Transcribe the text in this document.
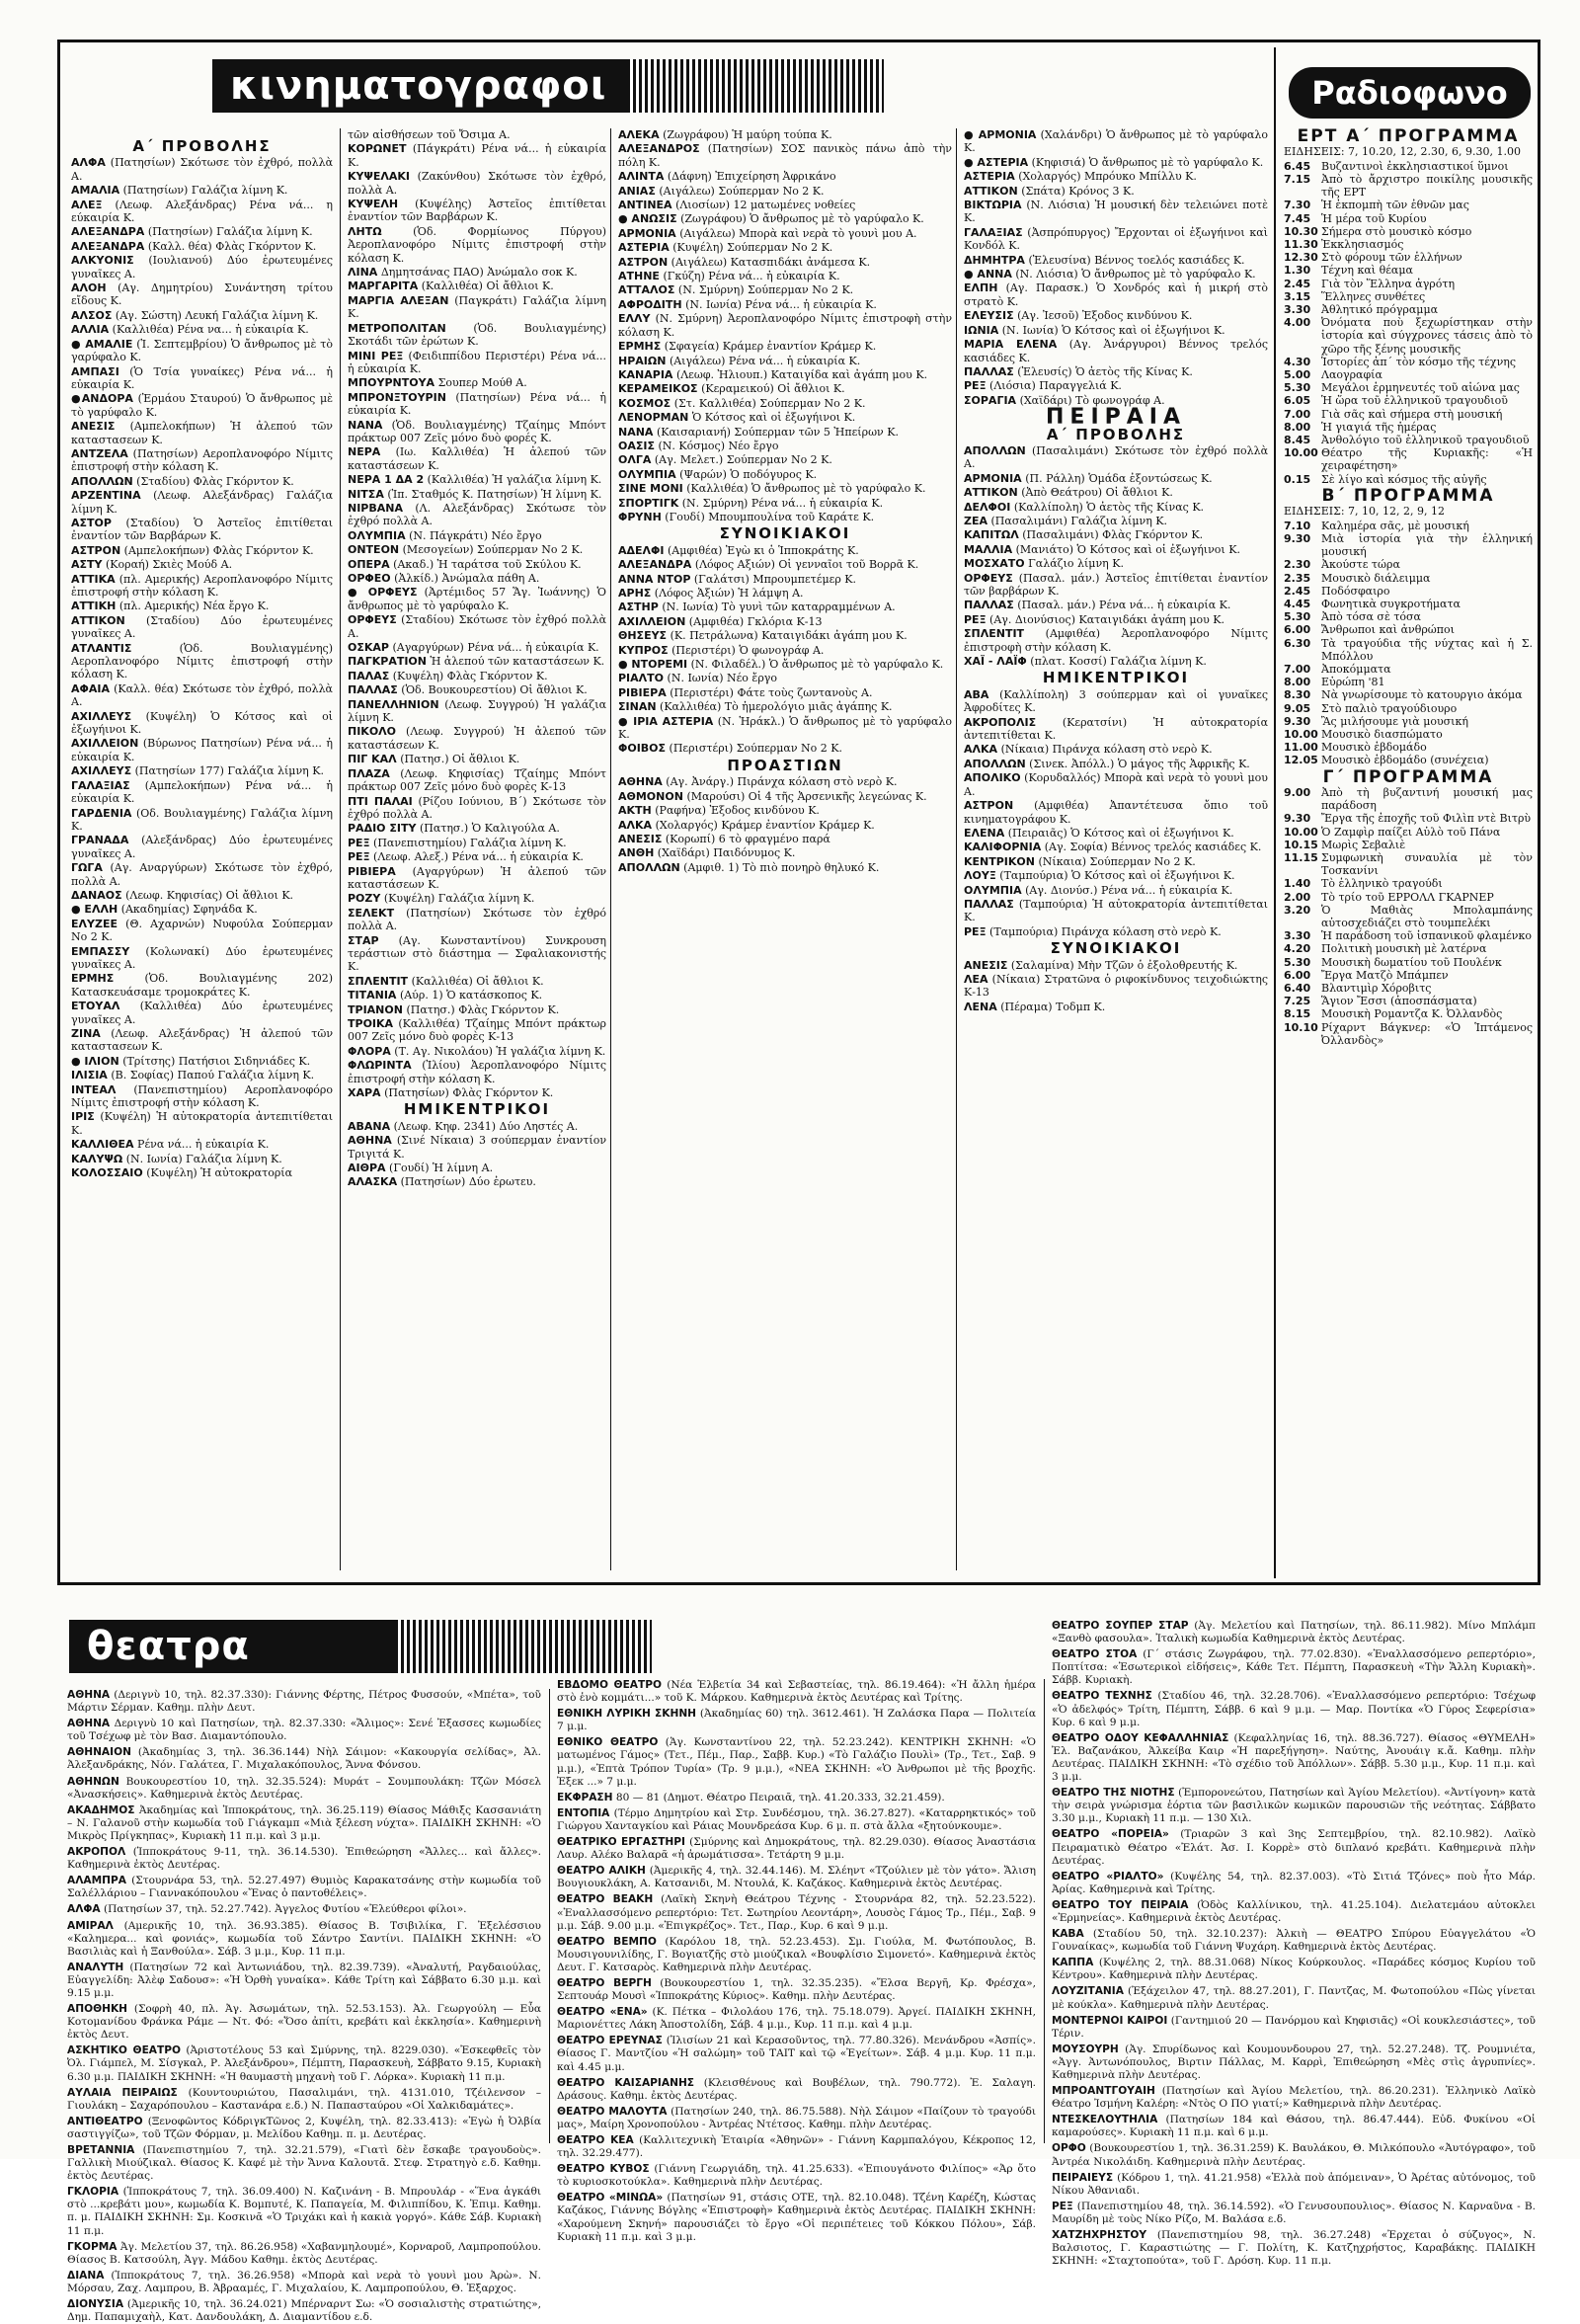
κινηματογραφοι	Ραδιοφωνο
Α΄ ΠΡΟΒΟΛΗΣ

ΑΛΦΑ (Πατησίων) Σκότωσε τὸν ἐχθρό, πολλὰ Α.

ΑΜΑΛΙΑ (Πατησίων) Γαλάζια λίμνη Κ.

ΑΛΕΞ (Λεωφ. Αλεξάνδρας) Ρένα νά... η εύκαιρία Κ.

ΑΛΕΞΑΝΔΡΑ (Πατησίων) Γαλάζια λίμνη Κ.

ΑΛΕΞΑΝΔΡΑ (Καλλ. θέα) Φλὰς Γκόρντον Κ.

ΑΛΚΥΟΝΙΣ (Ιουλιανού) Δύο ἐρωτευμένες γυναῖκες Α.

ΑΛΟΗ (Αγ. Δημητρίου) Συνάντηση τρίτου εἴδους Κ.

ΑΛΣΟΣ (Αγ. Σώστη) Λευκή Γαλάζια λίμνη Κ.

ΑΛΛΙΑ (Καλλιθέα) Ρένα να... ἡ εὐκαιρία Κ.

● ΑΜΑΛΙΕ (Ἱ. Σεπτεμβρίου) Ὁ ἄνθρωπος μὲ τὸ γαρύφαλο Κ.

ΑΜΠΑΣΙ (Ὁ Τσία γυναίκες) Ρένα νά... ἡ εὐκαιρία Κ.

●ΑΝΔΟΡΑ (Ἐρμάου Σταυρού) Ὁ ἄνθρωπος μὲ τὸ γαρύφαλο Κ.

ΑΝΕΣΙΣ (Αμπελοκήπων) Ἡ ἀλεπού τῶν καταστασεων Κ.

ΑΝΤΖΕΛΑ (Πατησίων) Αεροπλανοφόρο Νίμιτς ἐπιστροφή στὴν κόλαση Κ.

ΑΠΟΛΛΩΝ (Σταδίου) Φλὰς Γκόρντον Κ.

ΑΡΖΕΝΤΙΝΑ (Λεωφ. Αλεξάνδρας) Γαλάζια λίμνη Κ.

ΑΣΤΟΡ (Σταδίου) Ὁ Ἀστεῖος ἐπιτίθεται ἐναντίον τῶν Βαρβάρων Κ.

ΑΣΤΡΟΝ (Αμπελοκήπων) Φλὰς Γκόρντον Κ.

ΑΣΤΥ (Κοραή) Σκιὲς Μούδ Α.

ΑΤΤΙΚΑ (πλ. Αμερικής) Αεροπλανοφόρο Νίμιτς ἐπιστροφή στὴν κόλαση Κ.

ΑΤΤΙΚΗ (πλ. Αμερικής) Νέα ἔργο Κ.

ΑΤΤΙΚΟΝ (Σταδίου) Δύο ἐρωτευμένες γυναῖκες Α.

ΑΤΛΑΝΤΙΣ	(Ὁδ. Βουλιαγμένης) Αεροπλανοφόρο Νίμιτς ἐπιστροφή στὴν κόλαση Κ.

ΑΦΑΙΑ (Καλλ. θέα) Σκότωσε τὸν ἐχθρό, πολλὰ Α.

ΑΧΙΛΛΕΥΣ (Κυψέλη) Ὁ Κότσος καὶ οἱ ἐξωγήινοι Κ.

ΑΧΙΛΛΕΙΟΝ (Βύρωνος Πατησίων) Ρένα νά... ἡ εὐκαιρία Κ.

ΑΧΙΛΛΕΥΣ (Πατησίων 177) Γαλάζια λίμνη Κ.

ΓΑΛΑΞΙΑΣ (Αμπελοκήπων) Ρένα νά... ἡ εὐκαιρία Κ.

ΓΑΡΔΕΝΙΑ (Οδ. Βουλιαγμένης) Γαλάζια λίμνη Κ.

ΓΡΑΝΑΔΑ (Αλεξάνδρας) Δύο ἐρωτευμένες γυναῖκες Α.

ΓΩΓΑ (Αγ. Αναργύρων) Σκότωσε τὸν ἐχθρό, πολλὰ Α.

ΔΑΝΑΟΣ (Λεωφ. Κηφισίας) Οἱ ἄθλιοι Κ.

● ΕΛΛΗ (Ακαδημίας) Σφηνάδα Κ.

ΕΛΥΖΕΕ (Θ. Αχαρνών) Νυφούλα Σούπερμαν Νο 2 Κ.

ΕΜΠΑΣΣΥ (Κολωνακί) Δύο ἐρωτευμένες γυναῖκες Α.

ΕΡΜΗΣ	(Ὁδ. Βουλιαγμένης 202) Κατασκευάσαμε τρομοκράτες Κ.

ΕΤΟΥΑΛ (Καλλιθέα) Δύο ἐρωτευμένες γυναῖκες Α.

ΖΙΝΑ (Λεωφ. Αλεξάνδρας) Ἡ ἀλεπού τῶν καταστασεων Κ.

● ΙΛΙΟΝ (Τρίτσης) Πατήσιοι Σιδηνιάδες Κ.

ΙΛΙΣΙΑ (Β. Σοφίας) Παπού Γαλάζια λίμνη Κ.

ΙΝΤΕΑΛ (Πανεπιστημίου) Αεροπλανοφόρο Νίμιτς ἐπιστροφή στὴν κόλαση Κ.

ΙΡΙΣ (Κυψέλη) Ἡ αὐτοκρατορία ἀντεπιτίθεται Κ.

ΚΑΛΛΙΘΕΑ Ρένα νά... ἡ εὐκαιρία Κ.

ΚΑΛΥΨΩ (Ν. Ιωνία) Γαλάζια λίμνη Κ.

ΚΟΛΟΣΣΑΙΟ (Κυψέλη) Ἡ αὐτοκρατορία

τῶν αἰσθήσεων τοῦ Ὄσιμα Α.

ΚΟΡΩΝΕΤ (Πάγκράτι) Ρένα νά... ἡ εὐκαιρία Κ.

ΚΥΨΕΛΑΚΙ (Ζακύνθου) Σκότωσε τὸν ἐχθρό, πολλὰ Α.

ΚΥΨΕΛΗ (Κυψέλης) Ἀστεῖος ἐπιτίθεται ἐναντίον τῶν Βαρβάρων Κ.

ΛΗΤΩ	(Ὁδ. Φορμίωνος Πύργου) Ἀεροπλανοφόρο Νίμιτς ἐπιστροφή στὴν κόλαση Κ.

ΛΙΝΑ Δημητσάνας ΠΑΟ) Ἀνώμαλο σοκ Κ.

ΜΑΡΓΑΡΙΤΑ (Καλλιθέα) Οἱ ἄθλιοι Κ.

ΜΑΡΓΙΑ ΑΛΕΞΑΝ (Παγκράτι) Γαλάζια λίμνη Κ.

ΜΕΤΡΟΠΟΛΙΤΑΝ	(Ὁδ. Βουλιαγμένης) Σκοτάδι τῶν ἐρώτων Κ.

ΜΙΝΙ ΡΕΞ (Φειδιππίδου Περιστέρι) Ρένα νά... ἡ εὐκαιρία Κ.

ΜΠΟΥΡΝΤΟΥΑ Σουπερ Μούθ Α.

ΜΠΡΟΝΞΤΟΥΡΙΝ (Πατησίων) Ρένα νά... ἡ εὐκαιρία Κ.

ΝΑΝΑ (Ὁδ. Βουλιαγμένης) Τζαίημς Μπόντ πράκτωρ 007 Ζεῖς μόνο δυὸ φορές Κ.

ΝΕΡΑ (Ιω. Καλλιθέα) Ἡ ἀλεπού τῶν καταστάσεων Κ.

ΝΕΡΑ 1 ΔΑ 2 (Καλλιθέα) Ἡ γαλάζια λίμνη Κ.

ΝΙΤΣΑ (Ἱπ. Σταθμός Κ. Πατησίων) Ἡ λίμνη Κ.

ΝΙΡΒΑΝΑ (Λ. Αλεξάνδρας) Σκότωσε τὸν ἐχθρό πολλὰ Α.

ΟΛΥΜΠΙΑ (Ν. Πάγκράτι) Νέο ἔργο

ΟΝΤΕΟΝ (Μεσογείων) Σούπερμαν Νο 2 Κ.

ΟΠΕΡΑ (Ακαδ.) Ἡ ταράτσα τοῦ Σκύλου Κ.

ΟΡΦΕΟ (Ἀλκίδ.) Ἀνώμαλα πάθη Α.

● ΟΡΦΕΥΣ (Ἀρτέμιδος 57 Ἅγ. Ἰωάννης) Ὁ ἄνθρωπος μὲ τὸ γαρύφαλο Κ.

ΟΡΦΕΥΣ (Σταδίου) Σκότωσε τὸν ἐχθρό πολλὰ Α.

ΟΣΚΑΡ (Αγαργύρων) Ρένα νά... ἡ εὐκαιρία Κ.

ΠΑΓΚΡΑΤΙΟΝ Ἡ ἀλεπού τῶν καταστάσεων Κ.

ΠΑΛΑΣ (Κυψέλη) Φλὰς Γκόρντον Κ.

ΠΑΛΛΑΣ (Ὁδ. Βουκουρεστίου) Οἱ ἄθλιοι Κ.

ΠΑΝΕΛΛΗΝΙΟΝ (Λεωφ. Συγγρού) Ἡ γαλάζια λίμνη Κ.

ΠΙΚΟΛΟ (Λεωφ. Συγγρού) Ἡ ἀλεπού τῶν καταστάσεων Κ.

ΠΙΓ ΚΑΛ (Πατησ.) Οἱ ἄθλιοι Κ.

ΠΛΑΖΑ (Λεωφ. Κηφισίας) Τζαίημς Μπόντ πράκτωρ 007 Ζεῖς μόνο δυὸ φορὲς Κ-13

ΠΤΙ ΠΑΛΑΙ (Ρίζου Ιούνιου, Β΄) Σκότωσε τὸν ἐχθρό πολλὰ Α.

ΡΑΔΙΟ ΣΙΤΥ (Πατησ.) Ὁ Καλιγούλα Α.

ΡΕΞ (Πανεπιστημίου) Γαλάζια λίμνη Κ.

ΡΕΞ (Λεωφ. Αλεξ.) Ρένα νά... ἡ εὐκαιρία Κ.

ΡΙΒΙΕΡΑ (Αγαργύρων) Ἡ ἀλεπού τῶν καταστάσεων Κ.

ΡΟΖΥ (Κυψέλη) Γαλάζια λίμνη Κ.

ΣΕΛΕΚΤ (Πατησίων) Σκότωσε τὸν ἐχθρό πολλὰ Α.

ΣΤΑΡ (Αγ. Κωνσταντίνου) Συνκρουση τεράστιων στὸ διάστημα — Σφαλιακονιστής Κ.

ΣΠΛΕΝΤΙΤ (Καλλιθέα) Οἱ ἄθλιοι Κ.

ΤΙΤΑΝΙΑ (Αύρ. 1) Ὁ κατάσκοπος Κ.

ΤΡΙΑΝΟΝ (Πατησ.) Φλὰς Γκόρντον Κ.

ΤΡΟΙΚΑ (Καλλιθέα) Τζαίημς Μπόντ πράκτωρ 007 Ζεῖς μόνο δυὸ φορὲς Κ-13

ΦΛΟΡΑ (Τ. Αγ. Νικολάου) Ἡ γαλάζια λίμνη Κ.

ΦΛΩΡΙΝΤΑ (Ἰλίου) Ἀεροπλανοφόρο Νίμιτς ἐπιστροφή στὴν κόλαση Κ.

ΧΑΡΑ (Πατησίων) Φλὰς Γκόρντον Κ.

ΗΜΙΚΕΝΤΡΙΚΟΙ

ΑΒΑΝΑ (Λεωφ. Κηφ. 2341) Δύο Ληστές Α.

ΑΘΗΝΑ (Σινέ Νίκαια) 3 σούπερμαν ἐναντίον Τριγιτά Κ.

ΑΙΘΡΑ (Γουδί) Ἡ λίμνη Α.

ΑΛΑΣΚΑ (Πατησίων) Δύο ἐρωτευ.

ΑΛΕΚΑ (Ζωγράφου) Ἡ μαύρη τούπα Κ.

ΑΛΕΞΑΝΔΡΟΣ (Πατησίων) ΣΟΣ πανικὸς πάνω ἀπὸ τὴν πόλη Κ.

ΑΛΙΝΤΑ (Δάφνη) Ἐπιχείρηση Ἀφρικάνο

ΑΝΙΑΣ (Αιγάλεω) Σούπερμαν Νο 2 Κ.

ΑΝΤΙΝΕΑ (Λιοσίων) 12 ματωμένες νοθείες

● ΑΝΩΣΙΣ (Ζωγράφου) Ὁ ἄνθρωπος μὲ τὸ γαρύφαλο Κ.

ΑΡΜΟΝΙΑ (Αιγάλεω) Μπορὰ καὶ νερὰ τὸ γουνὶ μου Α.

ΑΣΤΕΡΙΑ (Κυψέλη) Σούπερμαν Νο 2 Κ.

ΑΣΤΡΟΝ (Αιγάλεω) Κατασπιδάκι ἀνάμεσα Κ.

ΑΤΗΝΕ (Γκύζη) Ρένα νά... ἡ εὐκαιρία Κ.

ΑΤΤΑΛΟΣ (Ν. Σμύρνη) Σούπερμαν Νο 2 Κ.

ΑΦΡΟΔΙΤΗ (Ν. Ιωνία) Ρένα νά... ἡ εὐκαιρία Κ.

ΕΛΛΥ (Ν. Σμύρνη) Ἀεροπλανοφόρο Νίμιτς ἐπιστροφὴ στὴν κόλαση Κ.

ΕΡΜΗΣ (Σφαγεία) Κράμερ ἐναντίον Κράμερ Κ.

ΗΡΑΙΩΝ (Αιγάλεω) Ρένα νά... ἡ εὐκαιρία Κ.

ΚΑΝΑΡΙΑ (Λεωφ. Ἠλιουπ.) Καταιγίδα καὶ ἀγάπη μου Κ.

ΚΕΡΑΜΕΙΚΟΣ (Κεραμεικού) Οἱ ἄθλιοι Κ.

ΚΟΣΜΟΣ (Στ. Καλλιθέα) Σούπερμαν Νο 2 Κ.

ΛΕΝΟΡΜΑΝ Ὁ Κότσος καὶ οἱ ἐξωγήινοι Κ.

ΝΑΝΑ (Καισαριανή) Σούπερμαν τῶν 5 Ἠπείρων Κ.

ΟΑΣΙΣ (Ν. Κόσμος) Νέο ἔργο

ΟΛΓΑ (Αγ. Μελετ.) Σούπερμαν Νο 2 Κ.

ΟΛΥΜΠΙΑ (Ψαρών) Ὁ ποδόγυρος Κ.

ΣΙΝΕ ΜΟΝΙ (Καλλιθέα) Ὁ ἄνθρωπος μὲ τὸ γαρύφαλο Κ.

ΣΠΟΡΤΙΓΚ (Ν. Σμύρνη) Ρένα νά... ἡ εὐκαιρία Κ.

ΦΡΥΝΗ (Γουδί) Μπουμπουλίνα τοῦ Καράτε Κ.

ΣΥΝΟΙΚΙΑΚΟΙ

ΑΔΕΛΦΙ (Αμφιθέα) Ἐγὼ κι ὁ Ἱπποκράτης Κ.

ΑΛΕΞΑΝΔΡΑ (Λόφος Αξιών) Οἱ γενναῖοι τοῦ Βορρᾶ Κ.

ΑΝΝΑ ΝΤΟΡ (Γαλάτσι) Μπρουμπετέμερ Κ.

ΑΡΗΣ (Λόφος Ἀξιών) Ἡ λάμψη Α.

ΑΣΤΗΡ (Ν. Ιωνία) Τὸ γυνὶ τῶν καταρραμμένων Α.

ΑΧΙΛΛΕΙΟΝ (Αμφιθέα) Γκλόρια Κ-13

ΘΗΣΕΥΣ (Κ. Πετράλωνα) Καταιγιδάκι ἀγάπη μου Κ.

ΚΥΠΡΟΣ (Περιστέρι) Ὁ φωνογράφ Α.

● ΝΤΟΡΕΜΙ (Ν. Φιλαδέλ.) Ὁ ἄνθρωπος μὲ τὸ γαρύφαλο Κ.

ΡΙΑΛΤΟ (Ν. Ιωνία) Νέο ἔργο

ΡΙΒΙΕΡΑ (Περιστέρι) Φάτε τοὺς ζωντανοὺς Α.

ΣΙΝΑΝ (Καλλιθέα) Τὸ ἡμερολόγιο μιᾶς ἀγάπης Κ.

● ΙΡΙΑ ΑΣΤΕΡΙΑ (Ν. Ἡράκλ.) Ὁ ἄνθρωπος μὲ τὸ γαρύφαλο Κ.

ΦΟΙΒΟΣ (Περιστέρι) Σούπερμαν Νο 2 Κ.

ΠΡΟΑΣΤΙΩΝ

ΑΘΗΝΑ (Αγ. Ἀνάργ.) Πιράνχα κόλαση στὸ νερὸ Κ.

ΑΘΜΟΝΟΝ (Μαρούσι) Οἱ 4 τῆς Ἀρσενικῆς λεγεώνας Κ.

ΑΚΤΗ (Ραφήνα) Ἐξοδος κινδύνου Κ.

ΑΛΚΑ (Χολαργός) Κράμερ ἐναντίον Κράμερ Κ.

ΑΝΕΣΙΣ (Κορωπί) 6 τὸ φραγμένο παρά

ΑΝΘΗ (Χαϊδάρι) Παιδόνυμος Κ.

ΑΠΟΛΛΩΝ (Αμφιθ. 1) Τὸ πιὸ πονηρὸ θηλυκό Κ.

● ΑΡΜΟΝΙΑ (Χαλάνδρι) Ὁ ἄνθρωπος μὲ τὸ γαρύφαλο Κ.

● ΑΣΤΕΡΙΑ (Κηφισιά) Ὁ ἄνθρωπος μὲ τὸ γαρύφαλο Κ.

ΑΣΤΕΡΙΑ (Χολαργός) Μπρόυκο Μπίλλυ Κ.

ΑΤΤΙΚΟΝ (Σπάτα) Κρόνος 3 Κ.

ΒΙΚΤΩΡΙΑ (Ν. Λιόσια) Ἡ μουσική δὲν τελειώνει ποτὲ Κ.

ΓΑΛΑΞΙΑΣ (Ἀσπρόπυργος) Ἔρχονται οἱ ἐξωγήινοι καὶ Κονδόλ Κ.

ΔΗΜΗΤΡΑ (Ἐλευσίνα) Βέννος τοελός κασιάδες Κ.

● ΑΝΝΑ (Ν. Λιόσια) Ὁ ἄνθρωπος μὲ τὸ γαρύφαλο Κ.

ΕΛΠΗ (Αγ. Παρασκ.) Ὁ Χονδρός καὶ ἡ μικρή στὸ στρατὸ Κ.

ΕΛΕΥΣΙΣ (Αγ. Ἰεσοῦ) Ἐξοδος κινδύνου Κ.

ΙΩΝΙΑ (Ν. Ιωνία) Ὁ Κότσος καὶ οἱ ἐξωγήινοι Κ.

ΜΑΡΙΑ ΕΛΕΝΑ (Αγ. Ἀνάργυροι) Βέννος τρελός κασιάδες Κ.

ΠΑΛΛΑΣ (Ἐλευσίς) Ὁ ἀετὸς τῆς Κίνας Κ.

ΡΕΞ (Λιόσια) Παραγγελιά Κ.

ΣΟΡΑΓΙΑ (Χαϊδάρι) Τὸ φωνογράφ Α.

ΠΕΙΡΑΙΑ
Α΄ ΠΡΟΒΟΛΗΣ

ΑΠΟΛΛΩΝ (Πασαλιμάνι) Σκότωσε τὸν ἐχθρό πολλὰ Α.

ΑΡΜΟΝΙΑ (Π. Ράλλη) Ὁμάδα ἐξοντώσεως Κ.

ΑΤΤΙΚΟΝ (Ἀπὸ Θεάτρου) Οἱ ἄθλιοι Κ.

ΔΕΛΦΟΙ (Καλλίπολη) Ὁ ἀετὸς τῆς Κίνας Κ.

ΖΕΑ (Πασαλιμάνι) Γαλάζια λίμνη Κ.

ΚΑΠΙΤΩΛ (Πασαλιμάνι) Φλὰς Γκόρντον Κ.

ΜΑΛΛΙΑ (Μανιάτο) Ὁ Κότσος καὶ οἱ ἐξωγήινοι Κ.

ΜΟΣΧΑΤΟ Γαλάζιο λίμνη Κ.

ΟΡΦΕΥΣ (Πασαλ. μάν.) Ἀστεῖος ἐπιτίθεται ἐναντίον τῶν βαρβάρων Κ.

ΠΑΛΛΑΣ (Πασαλ. μάν.) Ρένα νά... ἡ εὐκαιρία Κ.

ΡΕΞ (Αγ. Διονύσιος) Καταιγιδάκι ἀγάπη μου Κ.

ΣΠΛΕΝΤΙΤ (Αμφιθέα) Ἀεροπλανοφόρο Νίμιτς ἐπιστροφὴ στὴν κόλαση Κ.

ΧΑΪ - ΛΑΪΦ (πλατ. Κοσσί) Γαλάζια λίμνη Κ.

ΗΜΙΚΕΝΤΡΙΚΟΙ

ΑΒΑ (Καλλίπολη) 3 σούπερμαν καὶ οἱ γυναῖκες Ἀφροδίτες Κ.

ΑΚΡΟΠΟΛΙΣ (Κερατσίνι) Ἡ αὐτοκρατορία ἀντεπιτίθεται Κ.

ΑΛΚΑ (Νίκαια) Πιράνχα κόλαση στὸ νερὸ Κ.

ΑΠΟΛΛΩΝ (Σινεκ. Ἀπόλλ.) Ὁ μάγος τῆς Ἀφρικῆς Κ.

ΑΠΟΛΙΚΟ (Κορυδαλλός) Μπορὰ καὶ νερὰ τὸ γουνὶ μου Α.

ΑΣΤΡΟΝ (Αμφιθέα) Ἀπαντέτευσα ὄπιο τοῦ κινηματογράφου Κ.

ΕΛΕΝΑ (Πειραιᾶς) Ὁ Κότσος καὶ οἱ ἐξωγήινοι Κ.

ΚΑΛΙΦΟΡΝΙΑ (Αγ. Σοφία) Βέννος τρελός κασιάδες Κ.

ΚΕΝΤΡΙΚΟΝ (Νίκαια) Σούπερμαν Νο 2 Κ.

ΛΟΥΞ (Ταμπούρια) Ὁ Κότσος καὶ οἱ ἐξωγήινοι Κ.

ΟΛΥΜΠΙΑ (Αγ. Διονύσ.) Ρένα νά... ἡ εὐκαιρία Κ.

ΠΑΛΛΑΣ (Ταμπούρια) Ἡ αὐτοκρατορία ἀντεπιτίθεται Κ.

ΡΕΞ (Ταμπούρια) Πιράνχα κόλαση στὸ νερὸ Κ.

ΣΥΝΟΙΚΙΑΚΟΙ

ΑΝΕΣΙΣ (Σαλαμίνα) Μὴν Τζῶν ὁ ἐξολοθρευτής Κ.

ΛΕΑ (Νίκαια) Στρατῶνα ὁ ριφοκίνδυνος τειχοδιώκτης Κ-13

ΛΕΝΑ (Πέραμα) Τοδμπ Κ.

ΕΡΤ Α΄ ΠΡΟΓΡΑΜΜΑ

ΕΙΔΗΣΕΙΣ: 7, 10.20, 12, 2.30, 6, 9.30, 1.00

6.45 Βυζαντινοὶ ἐκκλησιαστικοί ὕμνοι
7.15 Ἀπὸ τὸ ἄρχιστρο ποικίλης μουσικῆς τῆς ΕΡΤ
7.30 Ἡ ἐκπομπὴ τῶν ἐθνῶν μας
7.45 Ἡ μέρα τοῦ Κυρίου
10.30 Σήμερα στὸ μουσικὸ κόσμο
11.30 Ἐκκλησιασμός
12.30 Στὸ φόρουμ τῶν ἑλλήνων
1.30 Τέχνη καὶ θέαμα
2.45 Γιὰ τὸν Ἕλληνα ἀγρότη
3.15 Ἕλληνες συνθέτες
3.30 Ἀθλητικό πρόγραμμα
4.00 Ὀνόματα ποὺ ξεχωρίστηκαν στὴν ἱστορία καὶ σύγχρονες τάσεις ἀπὸ τὸ χῶρο τῆς ξένης μουσικῆς
4.30 Ἱστορίες ἀπ΄ τὸν κόσμο τῆς τέχνης
5.00 Λαογραφία
5.30 Μεγάλοι ἑρμηνευτές τοῦ αἰώνα μας
6.05 Ἡ ὥρα τοῦ ἑλληνικοῦ τραγουδιοῦ
7.00 Γιὰ σᾶς καὶ σήμερα στὴ μουσική
8.00 Ἡ γιαγιά τῆς ἡμέρας
8.45 Ἀνθολόγιο τοῦ ἑλληνικοῦ τραγουδιοῦ
10.00 Θέατρο τῆς Κυριακῆς: «Ἡ χειραφέτηση»
0.15 Σὲ λίγο καὶ κόσμος τῆς αὐγῆς
Β΄ ΠΡΟΓΡΑΜΜΑ

ΕΙΔΗΣΕΙΣ: 7, 10, 12, 2, 9, 12

7.10 Καλημέρα σᾶς, μὲ μουσική
9.30 Μιὰ ἱστορία γιὰ τὴν ἑλληνική μουσική
2.30 Ἀκούστε τώρα
2.35 Μουσικὸ διάλειμμα
2.45 Ποδόσφαιρο
4.45 Φωνητικὰ συγκροτήματα
5.30 Ἀπὸ τόσα σὲ τόσα
6.00 Ἄνθρωποι καὶ ἀνθρώποι
6.30 Τὰ τραγούδια τῆς νύχτας καὶ ἡ Σ. Μπόλλου
7.00 Ἀποκόμματα
8.00 Εὐρώπη '81
8.30 Νὰ γνωρίσουμε τὸ κατουργιο ἀκόμα
9.05 Στὸ παλιὸ τραγούδιουρο
9.30 Ἂς μιλήσουμε γιὰ μουσική
10.00 Μουσικὸ διασπώματο
11.00 Μουσικὸ ἑβδομάδο
12.05 Μουσικὸ ἑβδομάδο (συνέχεια)
Γ΄ ΠΡΟΓΡΑΜΜΑ
9.00 Ἀπὸ τὴ βυζαντινή μουσική μας παράδοση
9.30 Ἔργα τῆς ἐποχῆς τοῦ Φιλὶπ ντὲ Βιτρὺ
10.00 Ὁ Ζαμφὶρ παίζει Αὐλὸ τοῦ Πάνα
10.15 Μωρὶς Σεβαλιὲ
11.15 Συμφωνικὴ συναυλία μὲ τὸν Τοσκανίνι
1.40 Τὸ ἑλληνικὸ τραγούδι
2.00 Τὸ τρίο τοῦ ΕΡΡΟΛΛ ΓΚΑΡΝΕΡ
3.20 Ὁ Μαθιὰς Μπολαμπάνης αὐτοσχεδιάζει στὸ τουμπελέκι
3.30 Ἡ παράδοση τοῦ ἰσπανικοῦ φλαμένκο
4.20 Πολιτικὴ μουσικὴ μὲ λατέρνα
5.30 Μουσικὴ δωματίου τοῦ Πουλένκ
6.00 Ἔργα Ματζὸ Μπάμπεν
6.40 Βλαντιμὶρ Χόροβιτς
7.25 Ἅγιον Ἔσσι (ἀποσπάσματα)
8.15 Μουσικὴ Ρομαντζα Κ. Ὀλλανδὸς
10.10 Ρίχαρντ Βάγκνερ: «Ὁ Ἱπτάμενος Ὀλλανδὸς»
θεατρα

ΑΘΗΝΑ (Δεριγνὺ 10, τηλ. 82.37.330): Γιάννης Φέρτης, Πέτρος Φυσσούν, «Μπέτα», τοῦ Μάρτιν Σέρμαν. Καθημ. πλὴν Δευτ.

ΑΘΗΝΑ Δεριγνὺ 10 καὶ Πατησίων, τηλ. 82.37.330: «Ἄλιμος»: Σενέ Ἐξασσες κωμωδίες τοῦ Τσέχωφ μὲ τὸν Βασ. Διαμαντόπουλο.

ΑΘΗΝΑΙΟΝ (Ἀκαδημίας 3, τηλ. 36.36.144) Νὴλ Σάιμον: «Κακουργία σελίδας», Ἀλ. Ἀλεξανδράκης, Νόν. Γαλάτεα, Γ. Μιχαλακόπουλος, Ἄννα Φόνσου.

ΑΘΗΝΩΝ Βουκουρεστίου 10, τηλ. 32.35.524): Μυράτ – Σουμπουλάκη: Τζῶν Μόσελ «Ἀνασκήσεις». Καθημερινὰ ἐκτὸς Δευτέρας.

ΑΚΑΔΗΜΟΣ Ἀκαδημίας καὶ Ἱπποκράτους, τηλ. 36.25.119) Θίασος Μάθιξς Κασσανιάτη – Ν. Γαλανοῦ στὴν κωμωδία τοῦ Γιάγκαμπ «Μιὰ ξέλεση νύχτα». ΠΑΙΔΙΚΗ ΣΚΗΝΗ: «Ὁ Μικρὸς Πρίγκηπας», Κυριακὴ 11 π.μ. καὶ 3 μ.μ.

ΑΚΡΟΠΟΛ (Ἱπποκράτους 9-11, τηλ. 36.14.530). Ἐπιθεώρηση «Ἄλλες... καὶ ἄλλες». Καθημερινὰ ἐκτὸς Δευτέρας.

ΑΛΑΜΠΡΑ (Στουρνάρα 53, τηλ. 52.27.497) Θυμιὸς Καρακατσάνης στὴν κωμωδία τοῦ Σαλέλλάριου – Γιαννακόπουλου «Ἔνας ὁ παντοθέλεις».

ΑΛΦΑ (Πατησίων 37, τηλ. 52.27.742). Ἀγγελος Φυτίου «Ἐλεύθεροι φίλοι».

ΑΜΙΡΑΛ (Αμερικῆς 10, τηλ. 36.93.385). Θίασος Β. Τσιβιλίκα, Γ. Ἐξελέσσιου «Καλημερα... καὶ φονιάς», κωμωδία τοῦ Σάντρο Σαντίνι. ΠΑΙΔΙΚΗ ΣΚΗΝΗ: «Ὁ Βασιλιὰς καὶ ἡ Ξανθούλα». Σάβ. 3 μ.μ., Κυρ. 11 π.μ.

ΑΝΑΛΥΤΗ (Πατησίων 72 καὶ Ἀντωνιάδου, τηλ. 82.39.739). «Ἀναλυτή, Ραγδαιούλας, Εὐαγγελίδη: Ἀλὲφ Σαδουσ»: «Ἡ Ὀρθὴ γυναίκα». Κάθε Τρίτη καὶ Σάββατο 6.30 μ.μ. καὶ 9.15 μ.μ.

ΑΠΟΘΗΚΗ (Σοφρὴ 40, πλ. Ἀγ. Ἀσωμάτων, τηλ. 52.53.153). Ἀλ. Γεωργούλη — Εὖα Κοτομανίδου Φράνκα Ράμε — Ντ. Φό: «Ὅσο ἀπίτι, κρεβάτι καὶ ἐκκλησία». Καθημερινὴ ἐκτὸς Δευτ.

ΑΣΚΗΤΙΚΟ ΘΕΑΤΡΟ (Ἀριστοτέλους 53 καὶ Σμύρνης, τηλ. 8229.030). «Ἐσκεφθεῖς τὸν Ὀλ. Γιάμπελ, Μ. Σίσγκαλ, Ρ. Ἀλεξάνδρου», Πέμπτη, Παρασκευὴ, Σάββατο 9.15, Κυριακὴ 6.30 μ.μ. ΠΑΙΔΙΚΗ ΣΚΗΝΗ: «Ἡ θαυμαστὴ μηχανὴ τοῦ Γ. Λόρκα». Κυριακὴ 11 π.μ.

ΑΥΛΑΙΑ ΠΕΙΡΑΙΩΣ (Κουντουριώτου, Πασαλιμάνι, τηλ. 4131.010, Τζέιλενσον – Γιουλάκη – Σαχαρόπουλου – Καστανάρα ε.δ.) Ν. Παπασταύρου «Οἱ Χαλκιδαμάτες».

ΑΝΤΙΘΕΑΤΡΟ (Ξενοφῶντος ΚόδριγκΤῶνος 2, Κυψέλη, τηλ. 82.33.413): «Ἐγὼ ἡ Ὀλβία σαστιγγίζω», τοῦ Τζῶν Φόρμαν, μ. Μελίδου Καθημ. π. μ. Δευτέρας.

ΒΡΕΤΑΝΝΙΑ (Πανεπιστημίου 7, τηλ. 32.21.579), «Γιατὶ δὲν ἔσκαβε τραγουδοὺς». Γαλλικὴ Μιούζικαλ. Θίασος Κ. Καφέ μὲ τὴν Ἄννα Καλουτᾶ. Στεφ. Στρατηγὸ ε.δ. Καθημ. ἐκτὸς Δευτέρας.

ΓΚΛΟΡΙΑ (Ἱπποκράτους 7, τηλ. 36.09.400) Ν. Καζινάνη - Β. Μπρουλάρ - «Ἕνα ἀγκάθι στὸ ...κρεβάτι μου», κωμωδία Κ. Βομπυτέ, Κ. Παπαγεία, Μ. Φιλιππίδου, Κ. Ἐπιμ. Καθημ. π. μ. ΠΑΙΔΙΚΗ ΣΚΗΝΗ: Σμ. Κοσκινᾶ «Ὁ Τριχάκι καὶ ἡ κακιὰ γοργό». Κάθε Σάβ. Κυριακὴ 11 π.μ.

ΓΚΟΡΜΑ Ἀγ. Μελετίου 37, τηλ. 86.26.958) «Χαβανμηλουμέ», Κορναροῦ, Λαμπροπούλου. Θίασος Β. Κατσούλη, Ἀγγ. Μάδου Καθημ. ἐκτὸς Δευτέρας.

ΔΙΑΝΑ (Ἱπποκράτους 7, τηλ. 36.26.958) «Μπορὰ καὶ νερὰ τὸ γουνὶ μου Ἀρὼ». Ν. Μόρσαυ, Ζαχ. Λαμπρου, Β. Ἀβρααμές, Γ. Μιχαλαίου, Κ. Λαμπροπούλου, Θ. Ἐξαρχος.

ΔΙΟΝΥΣΙΑ (Ἀμερικῆς 10, τηλ. 36.24.021) Μπέρναρντ Σω: «Ὁ σοσιαλιστὴς στρατιώτης», Δημ. Παπαμιχαὴλ, Κατ. Δανδουλάκη, Δ. Διαμαντίδου ε.δ.

ΕΒΔΟΜΟ ΘΕΑΤΡΟ (Νέα Ἑλβετία 34 καὶ Σεβαστείας, τηλ. 86.19.464): «Ἡ ἄλλη ἡμέρα στὸ ἑνὸ κομμάτι...» τοῦ Κ. Μάρκου. Καθημερινὰ ἐκτὸς Δευτέρας καὶ Τρίτης.

ΕΘΝΙΚΗ ΛΥΡΙΚΗ ΣΚΗΝΗ (Ἀκαδημίας 60) τηλ. 3612.461). Ἡ Ζαλάσκα Παρα — Πολιτεία 7 μ.μ.

ΕΘΝΙΚΟ ΘΕΑΤΡΟ (Ἁγ. Κωνσταντίνου 22, τηλ. 52.23.242). ΚΕΝΤΡΙΚΗ ΣΚΗΝΗ: «Ὁ ματωμένος Γάμος» (Τετ., Πέμ., Παρ., Σαββ. Κυρ.) «Τὸ Γαλάζιο Πουλὶ» (Τρ., Τετ., Σαβ. 9 μ.μ.), «Ἑπτὰ Τρόπον Τυρία» (Τρ. 9 μ.μ.), «ΝΕΑ ΣΚΗΝΗ: «Ὁ Ἀνθρωποι μὲ τῆς βροχῆς. Ἐξεκ ...» 7 μ.μ.

ΕΚΦΡΑΣΗ 80 — 81 (Δημοτ. Θέατρο Πειραιᾶ, τηλ. 41.20.333, 32.21.459).

ΕΝΤΟΠΙΑ (Τέρμο Δημητρίου καὶ Στρ. Συνδέσμου, τηλ. 36.27.827). «Καταρρηκτικός» τοῦ Γιώργου Χανταγκίου καὶ Ράιας Μουνδρεάσα Κυρ. 6 μ. π. στὰ ἄλλα «ξητούνκουμε».

ΘΕΑΤΡΙΚΟ ΕΡΓΑΣΤΗΡΙ (Σμύρνης καὶ Δημοκράτους, τηλ. 82.29.030). Θίασος Ἀναστάσια Λαυρ. Αλέκο Βαλαρᾶ «ἡ ἀρωμάτισσα». Τετάρτη 9 μ.μ.

ΘΕΑΤΡΟ ΑΛΙΚΗ (Ἀμερικῆς 4, τηλ. 32.44.146). Μ. Σλέηντ «Τζούλιεν μὲ τὸν γάτο». Ἄλιση Βουγιουκλάκη, Α. Κατσανιδι, Μ. Ντουλά, Κ. Καζάκος. Καθημερινὰ ἐκτὸς Δευτέρας.

ΘΕΑΤΡΟ ΒΕΑΚΗ (Λαϊκὴ Σκηνὴ Θεάτρου Τέχνης - Στουρνάρα 82, τηλ. 52.23.522). «Ἐναλλασσόμενο ρεπερτόριο: Τετ. Σωτηρίου Λεοντάρη», Λουσὸς Γάμος Τρ., Πέμ., Σαβ. 9 μ.μ. Σάβ. 9.00 μ.μ. «Ἐπιγκρέζος». Τετ., Παρ., Κυρ. 6 καὶ 9 μ.μ.

ΘΕΑΤΡΟ ΒΕΜΠΟ (Καρόλου 18, τηλ. 52.23.453). Σμ. Γιούλα, Μ. Φωτόπουλος, Β. Μουσιγουνιλίδης, Γ. Βογιατζῆς στὸ μιούζικαλ «Βουφλίσιο Σιμονετό». Καθημερινὰ ἐκτὸς Δευτ. Γ. Κατσαρὸς. Καθημερινὰ πλὴν Δευτέρας.

ΘΕΑΤΡΟ ΒΕΡΓΗ (Βουκουρεστίου 1, τηλ. 32.35.235). «Ἔλσα Βεργῆ, Κρ. Φρέσχα», Σεπτουάρ Μουσὶ «Ἱπποκράτης Κύριος». Καθημ. πλὴν Δευτέρας.

ΘΕΑΤΡΟ «ΕΝΑ» (Κ. Πέτκα – Φιλολάου 176, τηλ. 75.18.079). Ἀργεί. ΠΑΙΔΙΚΗ ΣΚΗΝΗ, Μαριονέττες Λάκη Ἀποστολίδη, Σάβ. 4 μ.μ., Κυρ. 11 π.μ. καὶ 4 μ.μ.

ΘΕΑΤΡΟ ΕΡΕΥΝΑΣ (Ἰλισίων 21 καὶ Κερασοῦντος, τηλ. 77.80.326). Μενάνδρου «Ἀσπίς». Θίασος Γ. Μαντζίου «Ἡ σαλώμη» τοῦ ΤΑΙΤ καὶ τῷ «Ἐγείτων». Σάβ. 4 μ.μ. Κυρ. 11 π.μ. καὶ 4.45 μ.μ.

ΘΕΑΤΡΟ ΚΑΙΣΑΡΙΑΝΗΣ (Κλεισθένους καὶ Βουβέλων, τηλ. 790.772). Ἐ. Σαλαγη. Δράσους. Καθημ. ἐκτὸς Δευτέρας.

ΘΕΑΤΡΟ ΜΑΛΟΥΤΑ (Πατησίων 240, τηλ. 86.75.588). Νὴλ Σάιμον «Παίζουν τὸ τραγούδι μας», Μαίρη Χρονοπούλου - Ἀντρέας Ντέτσος. Καθημ. πλὴν Δευτέρας.

ΘΕΑΤΡΟ ΚΕΑ (Καλλιτεχνικὴ Ἑταιρία «Ἀθηνῶν» - Γιάννη Καρμπαλόγου, Κέκροπος 12, τηλ. 32.29.477).

ΘΕΑΤΡΟ ΚΥΒΟΣ (Γιάννη Γεωργιάδη, τηλ. 41.25.633). «Ἐπιουγάνοτο Φιλίπος» «Ἀρ ὄτο τὸ κυριοσκοτούκλα». Καθημερινὰ πλὴν Δευτέρας.

ΘΕΑΤΡΟ «ΜΙΝΩΑ» (Πατησίων 91, στάσις ΟΤΕ, τηλ. 82.10.048). Τζένη Καρέζη, Κώστας Καζάκος, Γιάννης Βόγλης «Ἐπιστροφὴ» Καθημερινὰ ἐκτὸς Δευτέρας. ΠΑΙΔΙΚΗ ΣΚΗΝΗ: «Χαρούμενη Σκηνή» παρουσιάζει τὸ ἔργο «Οἱ περιπέτειες τοῦ Κόκκου Πόλου», Σάβ. Κυριακὴ 11 π.μ. καὶ 3 μ.μ.

ΘΕΑΤΡΟ ΣΟΥΠΕΡ ΣΤΑΡ (Ἀγ. Μελετίου καὶ Πατησίων, τηλ. 86.11.982). Μίνο Μπλάμπ «Ξανθὸ φασουλα». Ἰταλικὴ κωμωδία Καθημερινὰ ἐκτὸς Δευτέρας.

ΘΕΑΤΡΟ ΣΤΟΑ (Γ΄ στάσις Ζωγράφου, τηλ. 77.02.830). «Ἐναλλασσόμενο ρεπερτόριο», Ποπτίτσα: «Ἐσωτερικοὶ εἰδήσεις», Κάθε Τετ. Πέμπτη, Παρασκευὴ «Τὴν Ἄλλη Κυριακὴ». Σάββ. Κυριακὴ.

ΘΕΑΤΡΟ ΤΕΧΝΗΣ (Σταδίου 46, τηλ. 32.28.706). «Ἐναλλασσόμενο ρεπερτόριο: Τσέχωφ «Ὁ ἀδελφός» Τρίτη, Πέμπτη, Σάββ. 6 καὶ 9 μ.μ. — Μαρ. Ποντίκα «Ὁ Γύρος Σεφερίσια» Κυρ. 6 καὶ 9 μ.μ.

ΘΕΑΤΡΟ ΟΔΟΥ ΚΕΦΑΛΛΗΝΙΑΣ (Κεφαλληνίας 16, τηλ. 88.36.727). Θίασος «ΘΥΜΕΛΗ» Ἐλ. Βαζανάκου, Ἀλκείβα Καιρ «Ἡ παρεξήγηση». Ναύτης, Ἀνουάιγ κ.ἄ. Καθημ. πλὴν Δευτέρας. ΠΑΙΔΙΚΗ ΣΚΗΝΗ: «Τὸ σχέδιο τοῦ Ἀπόλλων». Σάββ. 5.30 μ.μ., Κυρ. 11 π.μ. καὶ 3 μ.μ.

ΘΕΑΤΡΟ ΤΗΣ ΝΙΟΤΗΣ (Ἐμπορονεώτου, Πατησίων καὶ Ἁγίου Μελετίου). «Ἀντίγονη» κατὰ τὴν σειρὰ γνώρισμα ἑόρτια τῶν βασιλικῶν κωμικῶν παρουσιῶν τῆς νεότητας. Σάββατο 3.30 μ.μ., Κυριακὴ 11 π.μ. — 130 Χιλ.

ΘΕΑΤΡΟ «ΠΟΡΕΙΑ» (Τριαρῶν 3 καὶ 3ης Σεπτεμβρίου, τηλ. 82.10.982). Λαϊκὸ Πειραματικὸ Θέατρο «Ἐλάτ. Ἀσ. Ι. Κορρὲ» στὸ διπλανό κρεβάτι. Καθημερινὰ πλὴν Δευτέρας.

ΘΕΑΤΡΟ «ΡΙΑΛΤΟ» (Κυψέλης 54, τηλ. 82.37.003). «Τὸ Σιτιά Τζόνες» ποὺ ἦτο Μάρ. Ἀρίας. Καθημερινὰ καὶ Τρίτης.

ΘΕΑΤΡΟ ΤΟΥ ΠΕΙΡΑΙΑ (Ὀδὸς Καλλίνικου, τηλ. 41.25.104). Διελατεμάου αὐτοκλει «Ἐρμηνείας». Καθημερινὰ ἐκτὸς Δευτέρας.

ΚΑΒΑ (Σταδίου 50, τηλ. 32.10.237): Ἀλκιὴ — ΘΕΑΤΡΟ Σπύρου Εὐαγγελάτου «Ὁ Γουναίκας», κωμωδία τοῦ Γιάννη Ψυχάρη. Καθημερινὰ ἐκτὸς Δευτέρας.

ΚΑΠΠΑ (Κυψέλης 2, τηλ. 88.31.068) Νίκος Κούρκουλος. «Παράδες κόσμος Κυρίου τοῦ Κέντρου». Καθημερινὰ πλὴν Δευτέρας.

ΛΟΥΖΙΤΑΝΙΑ (Ἐξάχειλον 47, τηλ. 88.27.201), Γ. Παντζας, Μ. Φωτοπούλου «Πὼς γίνεται μὲ κούκλα». Καθημερινὰ πλὴν Δευτέρας.

ΜΟΝΤΕΡΝΟΙ ΚΑΙΡΟΙ (Γαντημιού 20 — Πανόρμου καὶ Κηφισιᾶς) «Οἱ κουκλεσιάστες», τοῦ Τέριν.

ΜΟΥΣΟΥΡΗ (Ἀγ. Σπυρίδωνος καὶ Κουμουνδουρου 27, τηλ. 52.27.248). Τζ. Ρουμνιέτα, «Ἀγγ. Ἀντωνόπουλος, Βιρτιν Πάλλας, Μ. Καρρὶ, Ἐπιθεώρηση «Μὲς στὶς ἀγρυπνίες». Καθημερινὰ πλὴν Δευτέρας.

ΜΠΡΟΑΝΤΓΟΥΑΙΗ (Πατησίων καὶ Ἀγίου Μελετίου, τηλ. 86.20.231). Ἑλληνικὸ Λαϊκὸ Θέατρο Ἰσμήνη Καλέρη: «Ντὸς Ο ΠΟ γιατί;» Καθημερινὰ πλὴν Δευτέρας.

ΝΤΕΣΚΕΛΟΥΤΗΛΙΑ (Πατησίων 184 καὶ Θάσου, τηλ. 86.47.444). Εὐδ. Φυκίνου «Οἱ καμαρούσες». Κυριακὴ 11 π.μ. καὶ 6 μ.μ.

ΟΡΦΟ (Βουκουρεστίου 1, τηλ. 36.31.259) Κ. Βαυλάκου, Θ. Μιλκόπουλο «Ἀυτόγραφο», τοῦ Ἀντρέα Νικολάιδη. Καθημερινὰ πλὴν Δευτέρας.

ΠΕΙΡΑΙΕΥΣ (Κόδρου 1, τηλ. 41.21.958) «Ἑλλὰ ποὺ ἀπόμειναν», Ὁ Ἀρέτας αὐτόνομος, τοῦ Νίκου Ἀθανιαδι.

ΡΕΞ (Πανεπιστημίου 48, τηλ. 36.14.592). «Ὁ Γενυσουπουλιος». Θίασος Ν. Καρναῦνα - Β. Μαυρίδη μὲ τοὺς Νίκο Ρίζο, Μ. Βαλάσα ε.δ.

ΧΑΤΖΗΧΡΗΣΤΟΥ (Πανεπιστημίου 98, τηλ. 36.27.248) «Ἐρχεται ὁ σύζυγος», Ν. Βαλσιοτος, Γ. Καραστιώτης — Γ. Πολίτη, Κ. Κατζηχρήστος, Καραβάκης. ΠΑΙΔΙΚΗ ΣΚΗΝΗ: «Σταχτοπούτα», τοῦ Γ. Δρόση. Κυρ. 11 π.μ.
